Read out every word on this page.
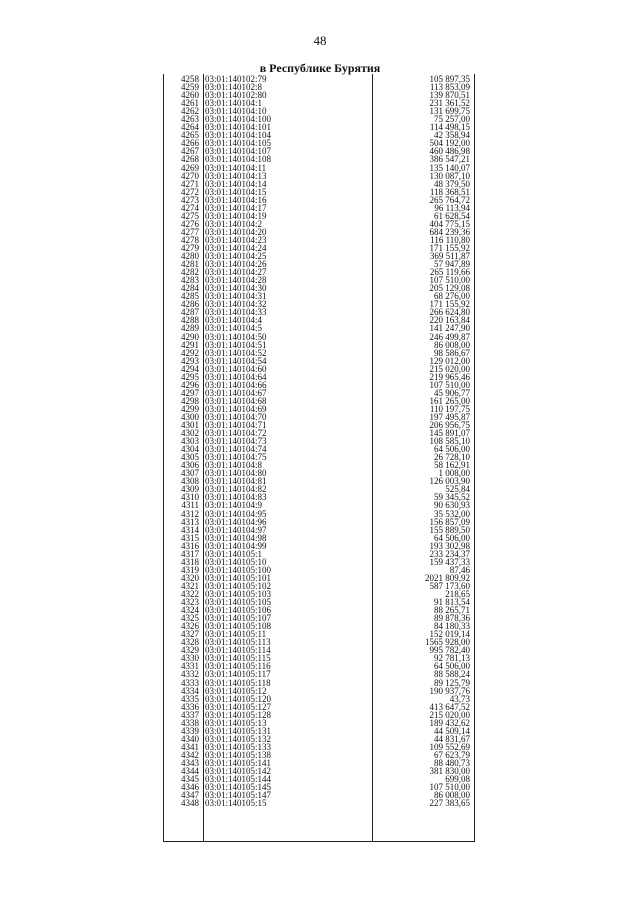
48
в Республике Бурятия
4258 03:01:140102:79	105 897,35
4259 03:01:140102:8	113 853,09
4260 03:01:140102:80	139 870,51
4261 03:01:140104:1	231 361,52
4262 03:01:140104:10	131 699,75
4263 03:01:140104:100	75 257,00
4264 03:01:140104:101	114 498,15
4265 03:01:140104:104	42 358,94
4266 03:01:140104:105	504 192,00
4267 03:01:140104:107	460 486,98
4268 03:01:140104:108	386 547,21
4269 03:01:140104:11	135 140,07
4270 03:01:140104:13	130 087,10
4271 03:01:140104:14	48 379,50
4272 03:01:140104:15	118 368,51
4273 03:01:140104:16	265 764,72
4274 03:01:140104:17	96 113,94
4275 03:01:140104:19	61 628,54
4276 03:01:140104:2	404 775,15
4277 03:01:140104:20	684 239,36
4278 03:01:140104:23	116 110,80
4279 03:01:140104:24	171 155,92
4280 03:01:140104:25	369 511,87
4281 03:01:140104:26	57 947,89
4282 03:01:140104:27	265 119,66
4283 03:01:140104:28	107 510,00
4284 03:01:140104:30	205 129,08
4285 03:01:140104:31	68 276,00
4286 03:01:140104:32	171 155,92
4287 03:01:140104:33	266 624,80
4288 03:01:140104:4	220 163,84
4289 03:01:140104:5	141 247,90
4290 03:01:140104:50	246 499,87
4291 03:01:140104:51	86 008,00
4292 03:01:140104:52	98 586,67
4293 03:01:140104:54	129 012,00
4294 03:01:140104:60	215 020,00
4295 03:01:140104:64	219 965,46
4296 03:01:140104:66	107 510,00
4297 03:01:140104:67	45 906,77
4298 03:01:140104:68	161 265,00
4299 03:01:140104:69	110 197,75
4300 03:01:140104:70	197 495,87
4301 03:01:140104:71	206 956,75
4302 03:01:140104:72	145 891,07
4303 03:01:140104:73	108 585,10
4304 03:01:140104:74	64 506,00
4305 03:01:140104:75	26 728,10
4306 03:01:140104:8	58 162,91
4307 03:01:140104:80	1 008,00
4308 03:01:140104:81	126 003,90
4309 03:01:140104:82	525,84
4310 03:01:140104:83	59 345,52
4311 03:01:140104:9	90 630,93
4312 03:01:140104:95	35 532,00
4313 03:01:140104:96	156 857,09
4314 03:01:140104:97	155 889,50
4315 03:01:140104:98	64 506,00
4316 03:01:140104:99	193 302,98
4317 03:01:140105:1	233 234,37
4318 03:01:140105:10	159 437,33
4319 03:01:140105:100	87,46
4320 03:01:140105:101	2021 809,92
4321 03:01:140105:102	587 173,60
4322 03:01:140105:103	218,65
4323 03:01:140105:105	91 813,54
4324 03:01:140105:106	88 265,71
4325 03:01:140105:107	89 878,36
4326 03:01:140105:108	84 180,33
4327 03:01:140105:11	152 019,14
4328 03:01:140105:113	1565 928,00
4329 03:01:140105:114	995 782,40
4330 03:01:140105:115	92 781,13
4331 03:01:140105:116	64 506,00
4332 03:01:140105:117	88 588,24
4333 03:01:140105:118	89 125,79
4334 03:01:140105:12	190 937,76
4335 03:01:140105:120	43,73
4336 03:01:140105:127	413 647,52
4337 03:01:140105:128	215 020,00
4338 03:01:140105:13	189 432,62
4339 03:01:140105:131	44 509,14
4340 03:01:140105:132	44 831,67
4341 03:01:140105:133	109 552,69
4342 03:01:140105:138	67 623,79
4343 03:01:140105:141	88 480,73
4344 03:01:140105:142	381 830,00
4345 03:01:140105:144	699,08
4346 03:01:140105:145	107 510,00
4347 03:01:140105:147	86 008,00
4348 03:01:140105:15	227 383,65
